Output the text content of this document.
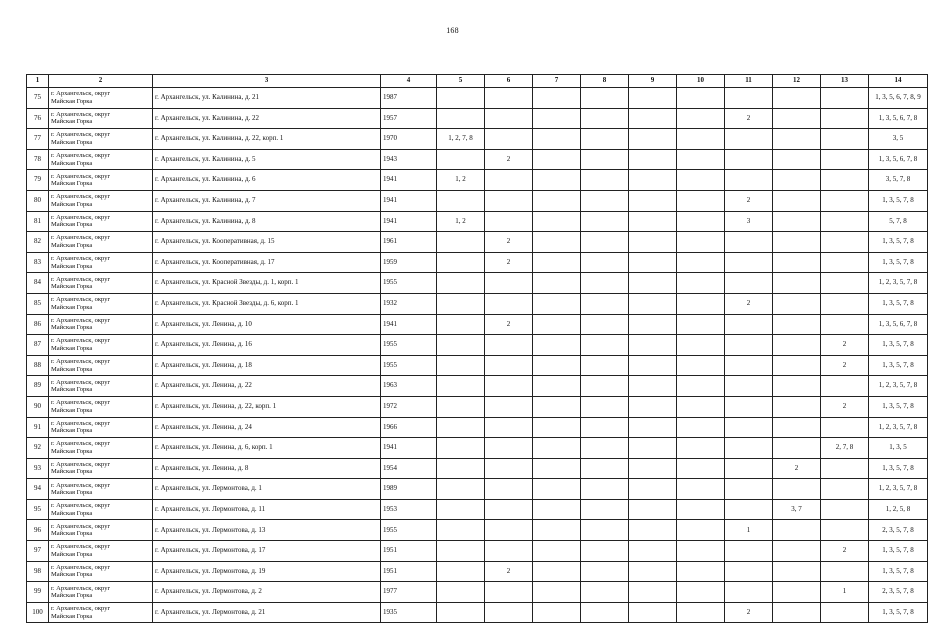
168
1	2	3	4	5	6	7	8	9	10	11	12	13	14
75	г. Архангельск, округ
Майская Горка	г. Архангельск, ул. Калинина, д. 21	1987										1, 3, 5, 6, 7, 8, 9
76	г. Архангельск, округ
Майская Горка	г. Архангельск, ул. Калинина, д. 22	1957							2			1, 3, 5, 6, 7, 8
77	г. Архангельск, округ
Майская Горка	г. Архангельск, ул. Калинина, д. 22, корп. 1	1970	1, 2, 7, 8									3, 5
78	г. Архангельск, округ
Майская Горка	г. Архангельск, ул. Калинина, д. 5	1943		2								1, 3, 5, 6, 7, 8
79	г. Архангельск, округ
Майская Горка	г. Архангельск, ул. Калинина, д. 6	1941	1, 2									3, 5, 7, 8
80	г. Архангельск, округ
Майская Горка	г. Архангельск, ул. Калинина, д. 7	1941							2			1, 3, 5, 7, 8
81	г. Архангельск, округ
Майская Горка	г. Архангельск, ул. Калинина, д. 8	1941	1, 2						3			5, 7, 8
82	г. Архангельск, округ
Майская Горка	г. Архангельск, ул. Кооперативная, д. 15	1961		2								1, 3, 5, 7, 8
83	г. Архангельск, округ
Майская Горка	г. Архангельск, ул. Кооперативная, д. 17	1959		2								1, 3, 5, 7, 8
84	г. Архангельск, округ
Майская Горка	г. Архангельск, ул. Красной Звезды, д. 1, корп. 1	1955										1, 2, 3, 5, 7, 8
85	г. Архангельск, округ
Майская Горка	г. Архангельск, ул. Красной Звезды, д. 6, корп. 1	1932							2			1, 3, 5, 7, 8
86	г. Архангельск, округ
Майская Горка	г. Архангельск, ул. Ленина, д. 10	1941		2								1, 3, 5, 6, 7, 8
87	г. Архангельск, округ
Майская Горка	г. Архангельск, ул. Ленина, д. 16	1955									2	1, 3, 5, 7, 8
88	г. Архангельск, округ
Майская Горка	г. Архангельск, ул. Ленина, д. 18	1955									2	1, 3, 5, 7, 8
89	г. Архангельск, округ
Майская Горка	г. Архангельск, ул. Ленина, д. 22	1963										1, 2, 3, 5, 7, 8
90	г. Архангельск, округ
Майская Горка	г. Архангельск, ул. Ленина, д. 22, корп. 1	1972									2	1, 3, 5, 7, 8
91	г. Архангельск, округ
Майская Горка	г. Архангельск, ул. Ленина, д. 24	1966										1, 2, 3, 5, 7, 8
92	г. Архангельск, округ
Майская Горка	г. Архангельск, ул. Ленина, д. 6, корп. 1	1941									2, 7, 8	1, 3, 5
93	г. Архангельск, округ
Майская Горка	г. Архангельск, ул. Ленина, д. 8	1954								2		1, 3, 5, 7, 8
94	г. Архангельск, округ
Майская Горка	г. Архангельск, ул. Лермонтова, д. 1	1989										1, 2, 3, 5, 7, 8
95	г. Архангельск, округ
Майская Горка	г. Архангельск, ул. Лермонтова, д. 11	1953								3, 7		1, 2, 5, 8
96	г. Архангельск, округ
Майская Горка	г. Архангельск, ул. Лермонтова, д. 13	1955							1			2, 3, 5, 7, 8
97	г. Архангельск, округ
Майская Горка	г. Архангельск, ул. Лермонтова, д. 17	1951									2	1, 3, 5, 7, 8
98	г. Архангельск, округ
Майская Горка	г. Архангельск, ул. Лермонтова, д. 19	1951		2								1, 3, 5, 7, 8
99	г. Архангельск, округ
Майская Горка	г. Архангельск, ул. Лермонтова, д. 2	1977									1	2, 3, 5, 7, 8
100	г. Архангельск, округ
Майская Горка	г. Архангельск, ул. Лермонтова, д. 21	1935							2			1, 3, 5, 7, 8
